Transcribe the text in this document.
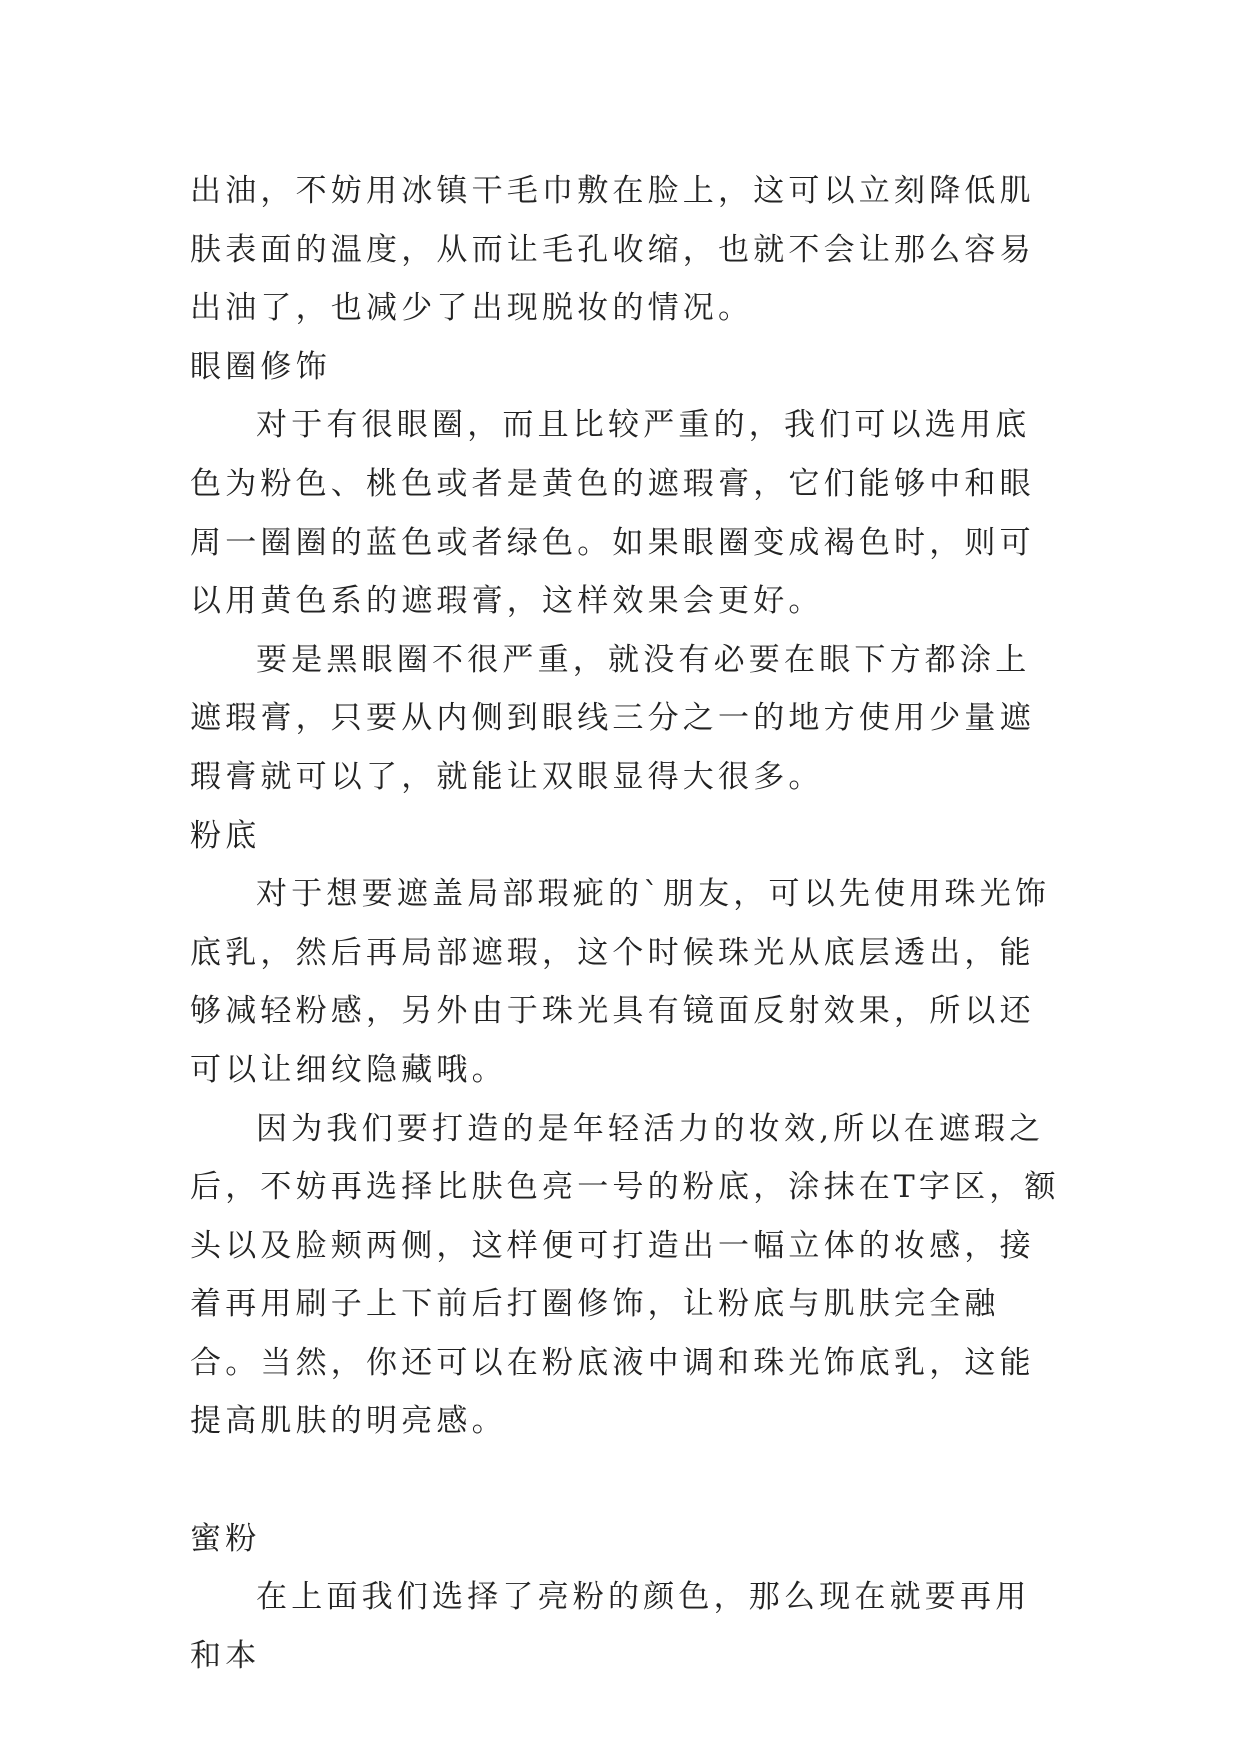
出油，不妨用冰镇干毛巾敷在脸上，这可以立刻降低肌肤表面的温度，从而让毛孔收缩，也就不会让那么容易出油了，也减少了出现脱妆的情况。

眼圈修饰

对于有很眼圈，而且比较严重的，我们可以选用底色为粉色、桃色或者是黄色的遮瑕膏，它们能够中和眼周一圈圈的蓝色或者绿色。如果眼圈变成褐色时，则可以用黄色系的遮瑕膏，这样效果会更好。

要是黑眼圈不很严重，就没有必要在眼下方都涂上遮瑕膏，只要从内侧到眼线三分之一的地方使用少量遮瑕膏就可以了，就能让双眼显得大很多。

粉底

对于想要遮盖局部瑕疵的`朋友，可以先使用珠光饰底乳，然后再局部遮瑕，这个时候珠光从底层透出，能够减轻粉感，另外由于珠光具有镜面反射效果，所以还可以让细纹隐藏哦。

因为我们要打造的是年轻活力的妆效,所以在遮瑕之后，不妨再选择比肤色亮一号的粉底，涂抹在T字区，额头以及脸颊两侧，这样便可打造出一幅立体的妆感，接着再用刷子上下前后打圈修饰，让粉底与肌肤完全融合。当然，你还可以在粉底液中调和珠光饰底乳，这能提高肌肤的明亮感。

蜜粉

在上面我们选择了亮粉的颜色，那么现在就要再用和本
